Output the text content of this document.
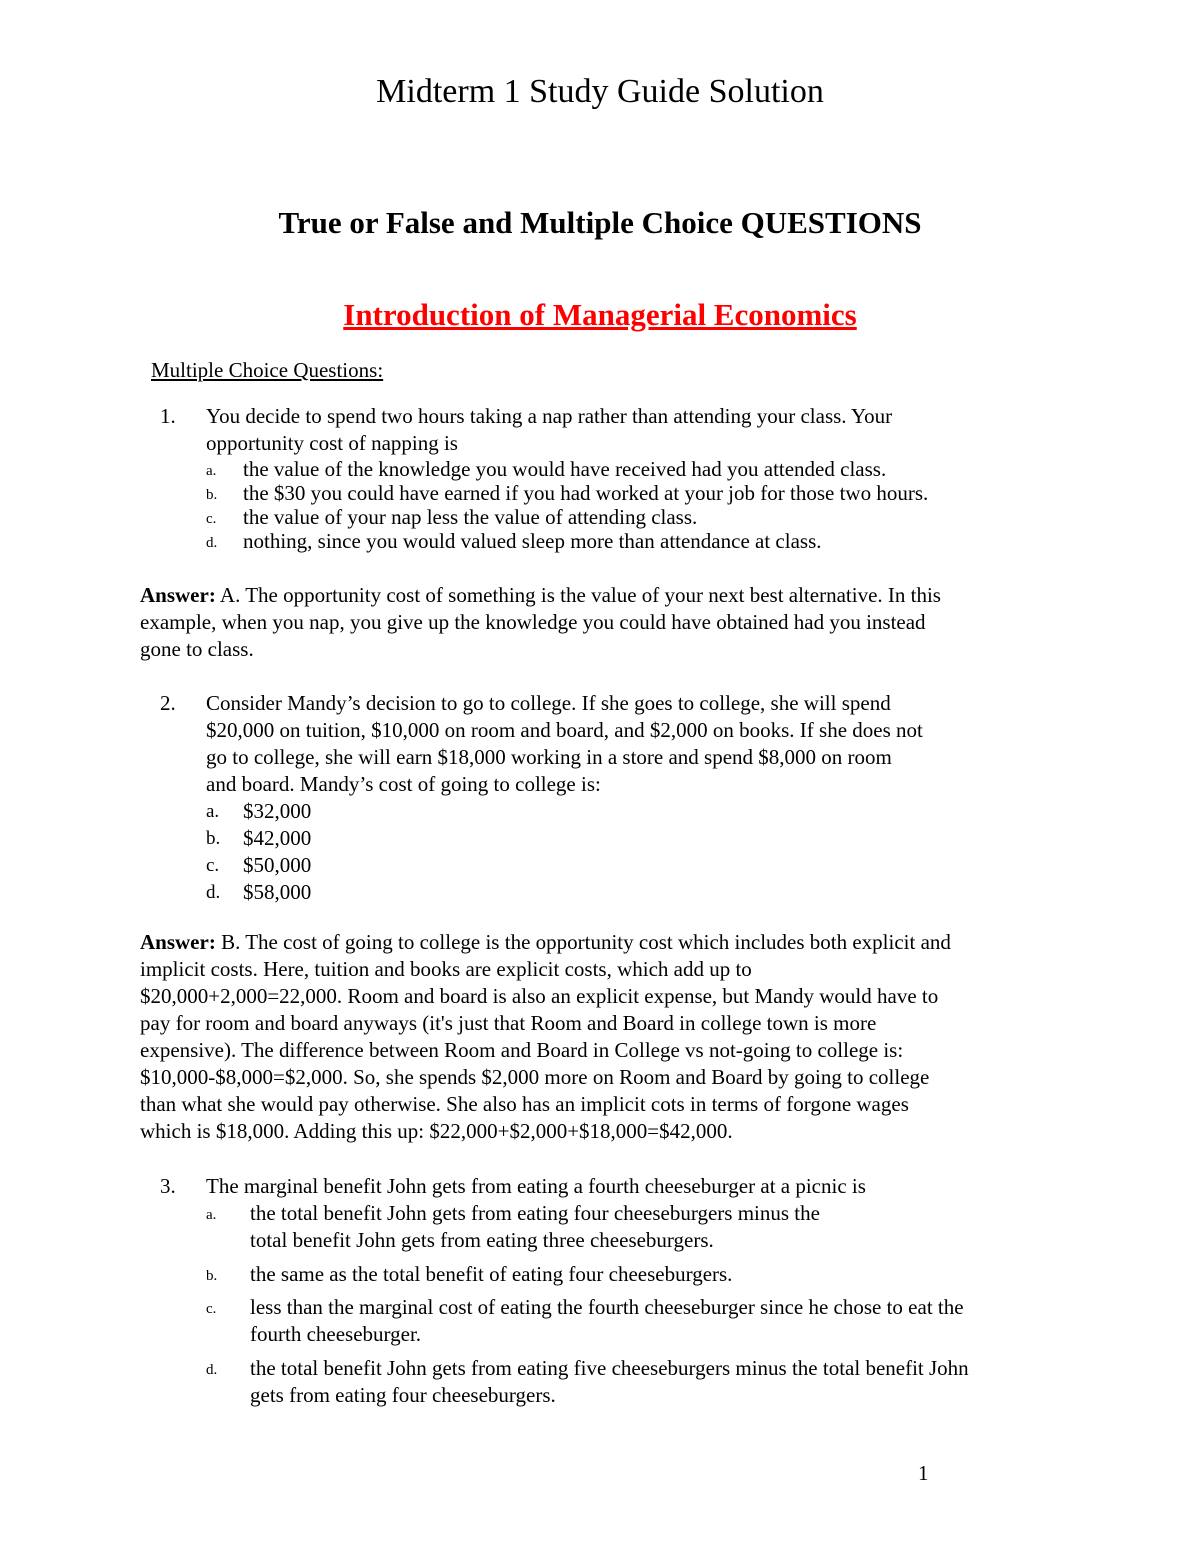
Midterm 1 Study Guide Solution
True or False and Multiple Choice QUESTIONS
Introduction of Managerial Economics
Multiple Choice Questions:
1. You decide to spend two hours taking a nap rather than attending your class. Your
opportunity cost of napping is
a. the value of the knowledge you would have received had you attended class.
b. the $30 you could have earned if you had worked at your job for those two hours.
c. the value of your nap less the value of attending class.
d. nothing, since you would valued sleep more than attendance at class.
Answer: A. The opportunity cost of something is the value of your next best alternative. In this
example, when you nap, you give up the knowledge you could have obtained had you instead
gone to class.
2. Consider Mandy’s decision to go to college. If she goes to college, she will spend
$20,000 on tuition, $10,000 on room and board, and $2,000 on books. If she does not
go to college, she will earn $18,000 working in a store and spend $8,000 on room
and board. Mandy’s cost of going to college is:
a. $32,000
b. $42,000
c. $50,000
d. $58,000
Answer: B. The cost of going to college is the opportunity cost which includes both explicit and
implicit costs. Here, tuition and books are explicit costs, which add up to
$20,000+2,000=22,000. Room and board is also an explicit expense, but Mandy would have to
pay for room and board anyways (it's just that Room and Board in college town is more
expensive). The difference between Room and Board in College vs not-going to college is:
$10,000-$8,000=$2,000. So, she spends $2,000 more on Room and Board by going to college
than what she would pay otherwise. She also has an implicit cots in terms of forgone wages
which is $18,000. Adding this up: $22,000+$2,000+$18,000=$42,000.
3. The marginal benefit John gets from eating a fourth cheeseburger at a picnic is
a. the total benefit John gets from eating four cheeseburgers minus the
total benefit John gets from eating three cheeseburgers.
b. the same as the total benefit of eating four cheeseburgers.
c. less than the marginal cost of eating the fourth cheeseburger since he chose to eat the
fourth cheeseburger.
d. the total benefit John gets from eating five cheeseburgers minus the total benefit John
gets from eating four cheeseburgers.
1
